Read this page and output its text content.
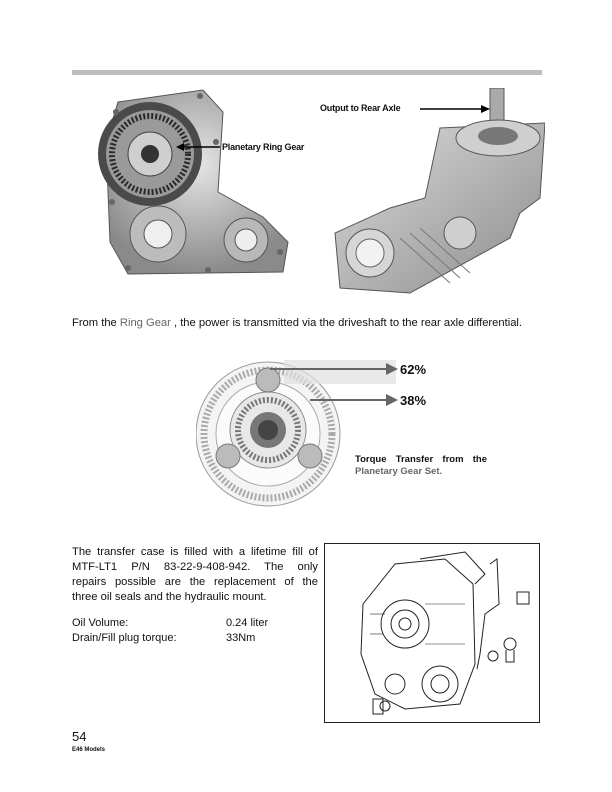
Planetary Ring Gear
Output to Rear Axle
From the Ring Gear , the power is transmitted via the driveshaft to the rear axle differential.
62%
38%
Torque Transfer from the
Planetary Gear Set.
The transfer case is filled with a lifetime fill of
MTF-LT1 P/N 83-22-9-408-942. The only
repairs possible are the replacement of the
three oil seals and the hydraulic mount.
Oil Volume:	0.24 liter
Drain/Fill plug torque:	33Nm
54
E46 Models
